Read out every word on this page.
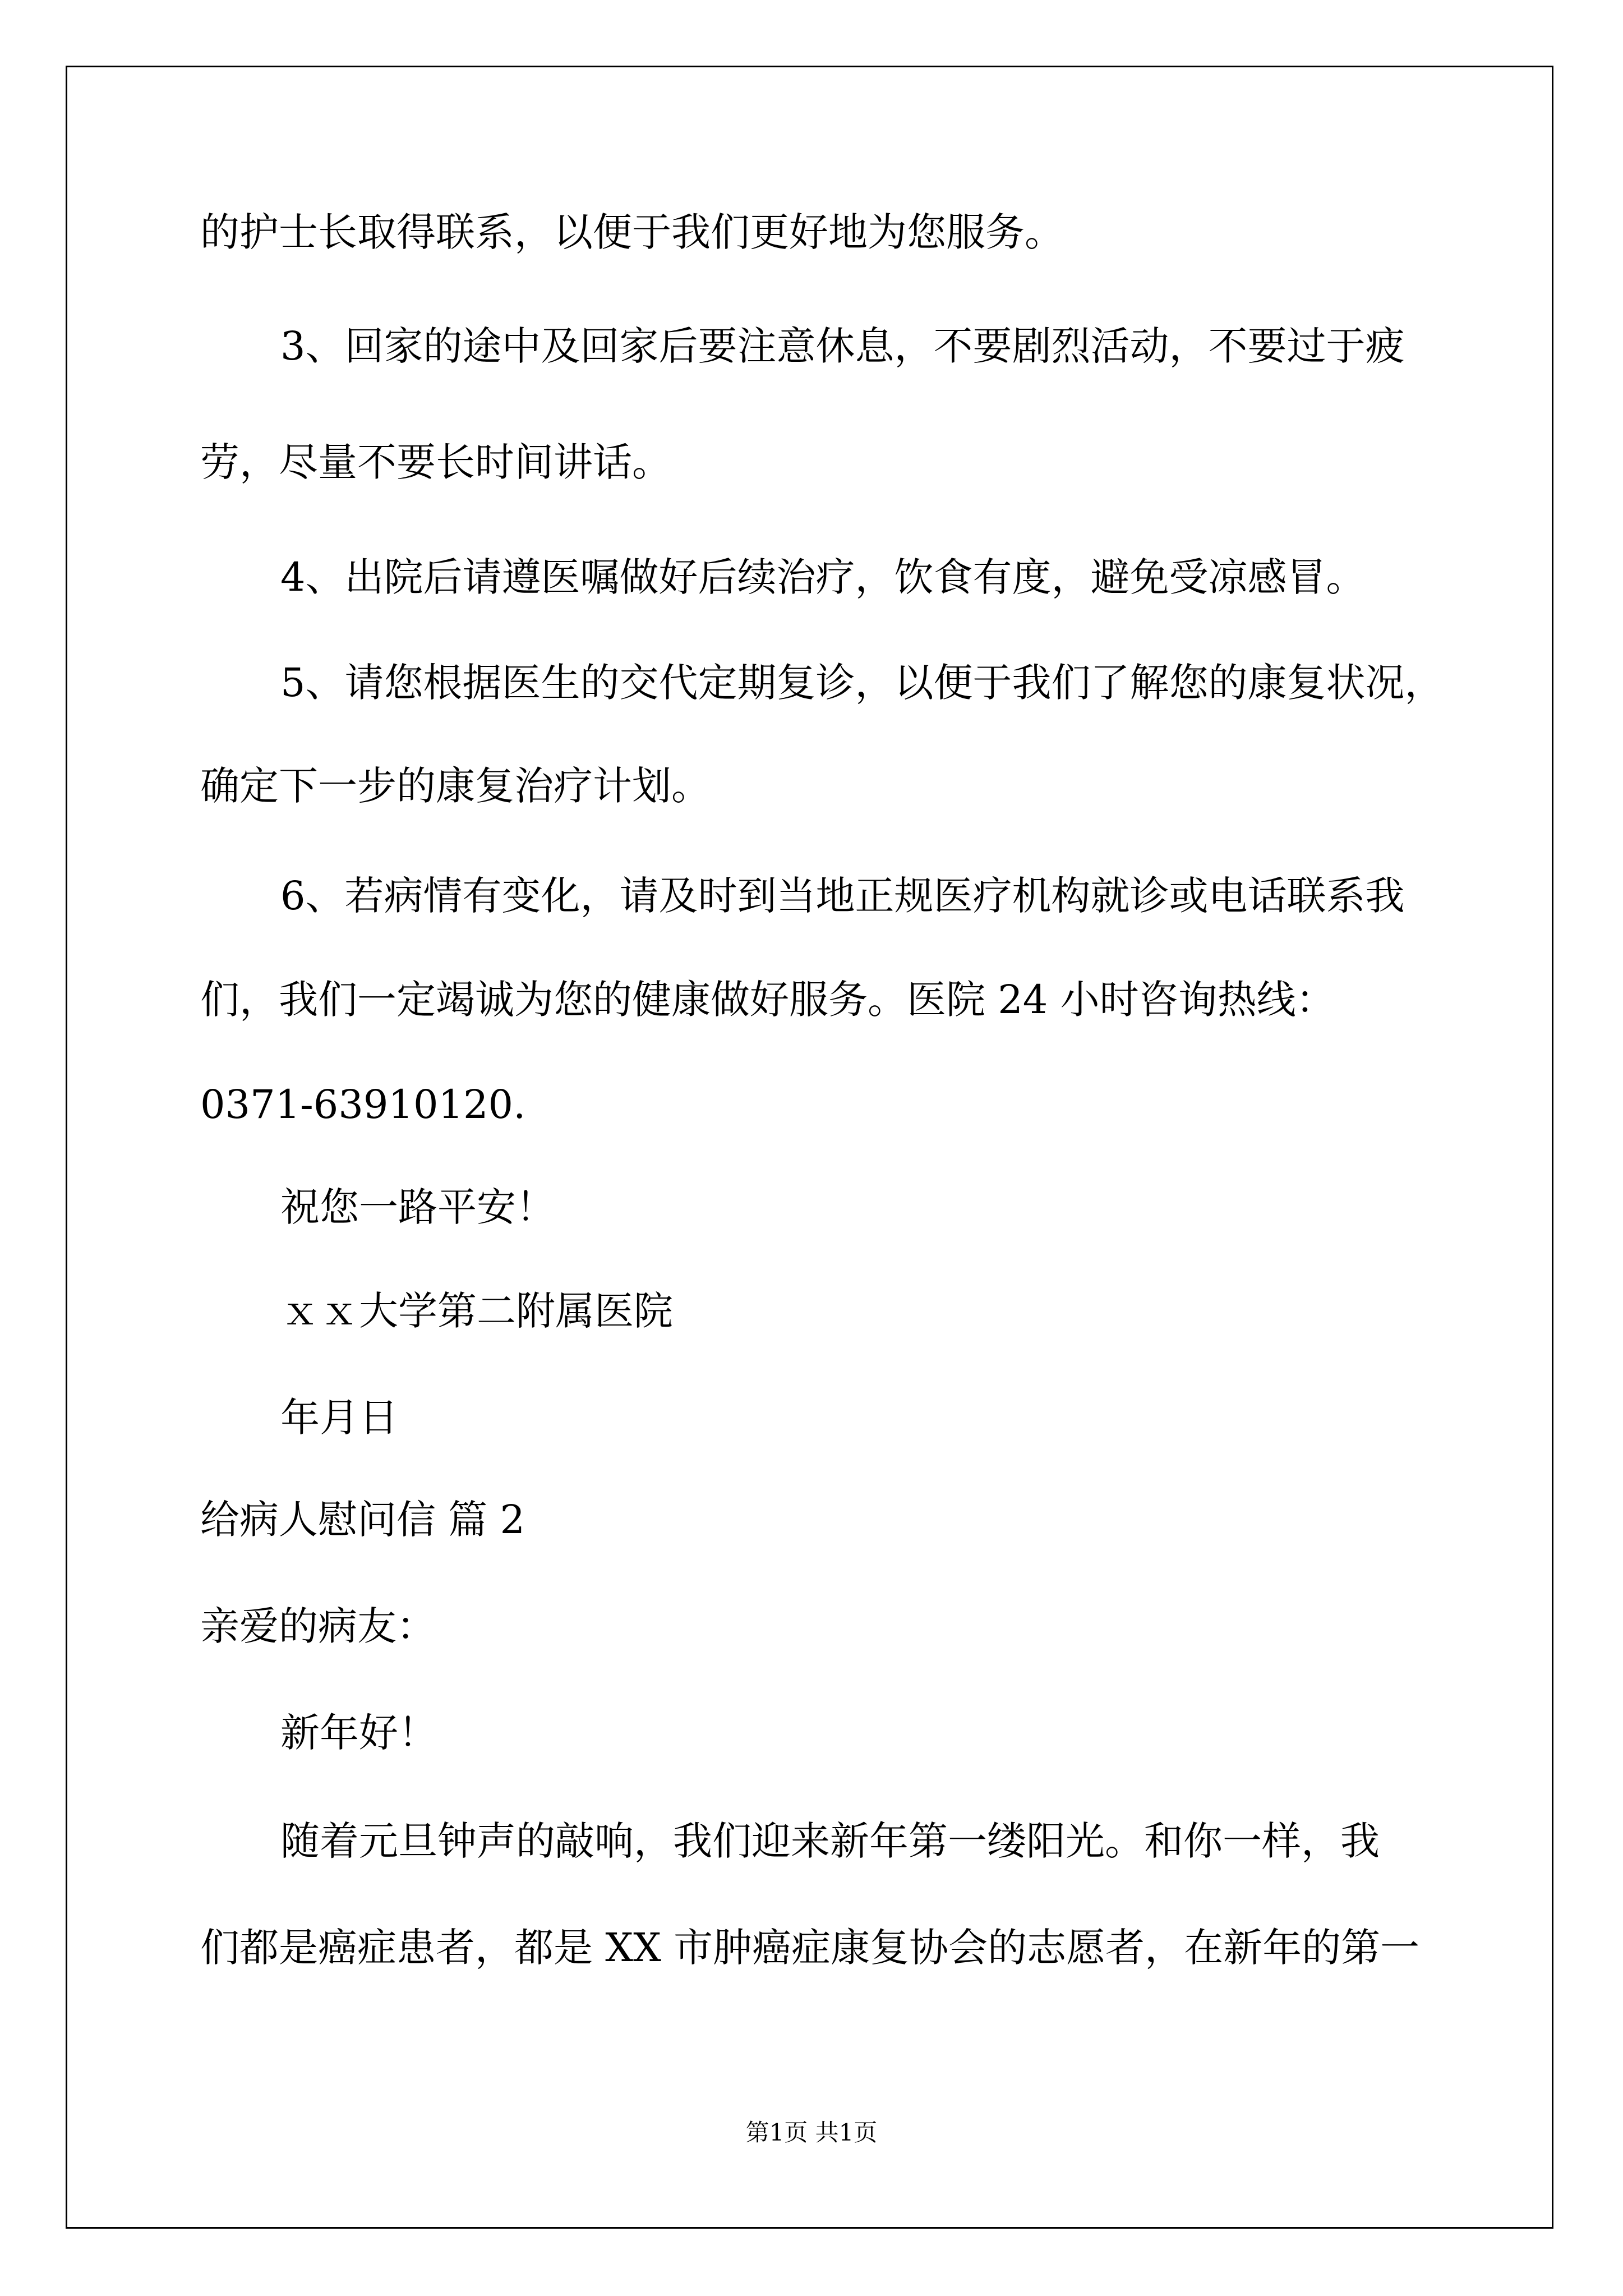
的护士长取得联系，以便于我们更好地为您服务。
3、回家的途中及回家后要注意休息，不要剧烈活动，不要过于疲
劳，尽量不要长时间讲话。
4、出院后请遵医嘱做好后续治疗，饮食有度，避免受凉感冒。
5、请您根据医生的交代定期复诊，以便于我们了解您的康复状况，
确定下一步的康复治疗计划。
6、若病情有变化，请及时到当地正规医疗机构就诊或电话联系我
们，我们一定竭诚为您的健康做好服务。医院 24 小时咨询热线：
0371-63910120.
祝您一路平安！
ｘｘ大学第二附属医院
年月日
给病人慰问信 篇 2
亲爱的病友：
新年好！
随着元旦钟声的敲响，我们迎来新年第一缕阳光。和你一样，我
们都是癌症患者，都是 XX 市肿癌症康复协会的志愿者，在新年的第一
第1页 共1页
